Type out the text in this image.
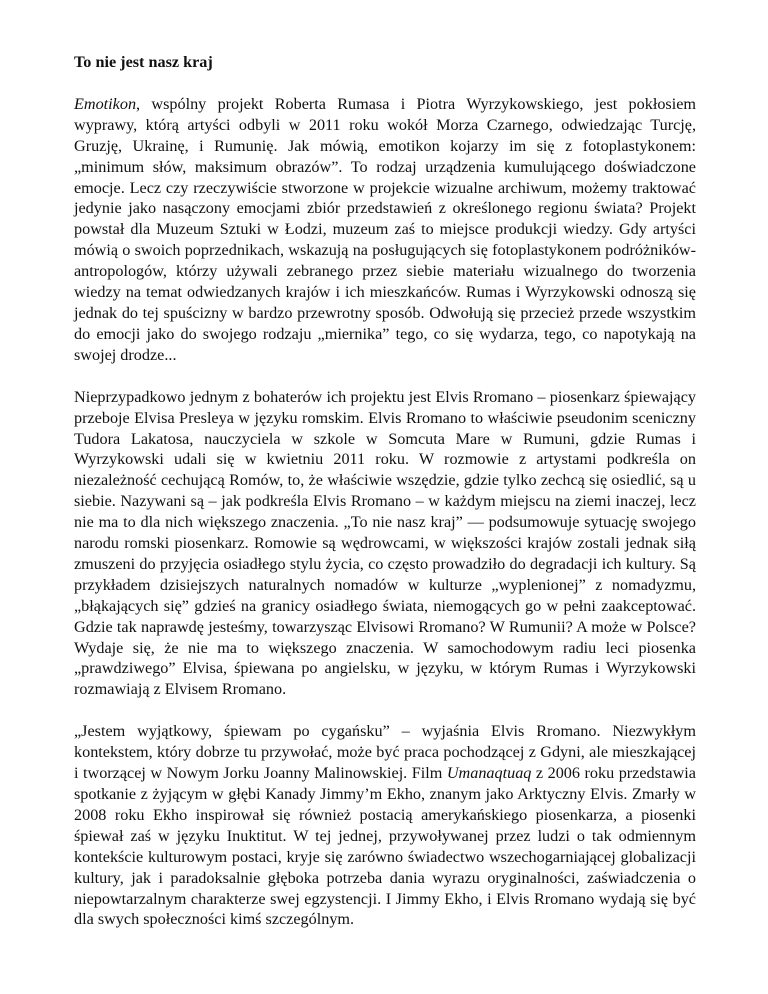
To nie jest nasz kraj

Emotikon, wspólny projekt Roberta Rumasa i Piotra Wyrzykowskiego, jest pokłosiem wyprawy, którą artyści odbyli w 2011 roku wokół Morza Czarnego, odwiedzając Turcję, Gruzję, Ukrainę, i Rumunię. Jak mówią, emotikon kojarzy im się z fotoplastykonem: „minimum słów, maksimum obrazów”. To rodzaj urządzenia kumulującego doświadczone emocje. Lecz czy rzeczywiście stworzone w projekcie wizualne archiwum, możemy traktować jedynie jako nasączony emocjami zbiór przedstawień z określonego regionu świata? Projekt powstał dla Muzeum Sztuki w Łodzi, muzeum zaś to miejsce produkcji wiedzy. Gdy artyści mówią o swoich poprzednikach, wskazują na posługujących się fotoplastykonem podróżników-antropologów, którzy używali zebranego przez siebie materiału wizualnego do tworzenia wiedzy na temat odwiedzanych krajów i ich mieszkańców. Rumas i Wyrzykowski odnoszą się jednak do tej spuścizny w bardzo przewrotny sposób. Odwołują się przecież przede wszystkim do emocji jako do swojego rodzaju „miernika” tego, co się wydarza, tego, co napotykają na swojej drodze...

Nieprzypadkowo jednym z bohaterów ich projektu jest Elvis Rromano – piosenkarz śpiewający przeboje Elvisa Presleya w języku romskim. Elvis Rromano to właściwie pseudonim sceniczny Tudora Lakatosa, nauczyciela w szkole w Somcuta Mare w Rumuni, gdzie Rumas i Wyrzykowski udali się w kwietniu 2011 roku. W rozmowie z artystami podkreśla on niezależność cechującą Romów, to, że właściwie wszędzie, gdzie tylko zechcą się osiedlić, są u siebie. Nazywani są – jak podkreśla Elvis Rromano – w każdym miejscu na ziemi inaczej, lecz nie ma to dla nich większego znaczenia. „To nie nasz kraj” — podsumowuje sytuację swojego narodu romski piosenkarz. Romowie są wędrowcami, w większości krajów zostali jednak siłą zmuszeni do przyjęcia osiadłego stylu życia, co często prowadziło do degradacji ich kultury. Są przykładem dzisiejszych naturalnych nomadów w kulturze „wyplenionej” z nomadyzmu, „błąkających się” gdzieś na granicy osiadłego świata, niemogących go w pełni zaakceptować. Gdzie tak naprawdę jesteśmy, towarzysząc Elvisowi Rromano? W Rumunii? A może w Polsce? Wydaje się, że nie ma to większego znaczenia. W samochodowym radiu leci piosenka „prawdziwego” Elvisa, śpiewana po angielsku, w języku, w którym Rumas i Wyrzykowski rozmawiają z Elvisem Rromano.

„Jestem wyjątkowy, śpiewam po cygańsku” – wyjaśnia Elvis Rromano. Niezwykłym kontekstem, który dobrze tu przywołać, może być praca pochodzącej z Gdyni, ale mieszkającej i tworzącej w Nowym Jorku Joanny Malinowskiej. Film Umanaqtuaq z 2006 roku przedstawia spotkanie z żyjącym w głębi Kanady Jimmy’m Ekho, znanym jako Arktyczny Elvis. Zmarły w 2008 roku Ekho inspirował się również postacią amerykańskiego piosenkarza, a piosenki śpiewał zaś w języku Inuktitut. W tej jednej, przywoływanej przez ludzi o tak odmiennym kontekście kulturowym postaci, kryje się zarówno świadectwo wszechogarniającej globalizacji kultury, jak i paradoksalnie głęboka potrzeba dania wyrazu oryginalności, zaświadczenia o niepowtarzalnym charakterze swej egzystencji. I Jimmy Ekho, i Elvis Rromano wydają się być dla swych społeczności kimś szczególnym.
